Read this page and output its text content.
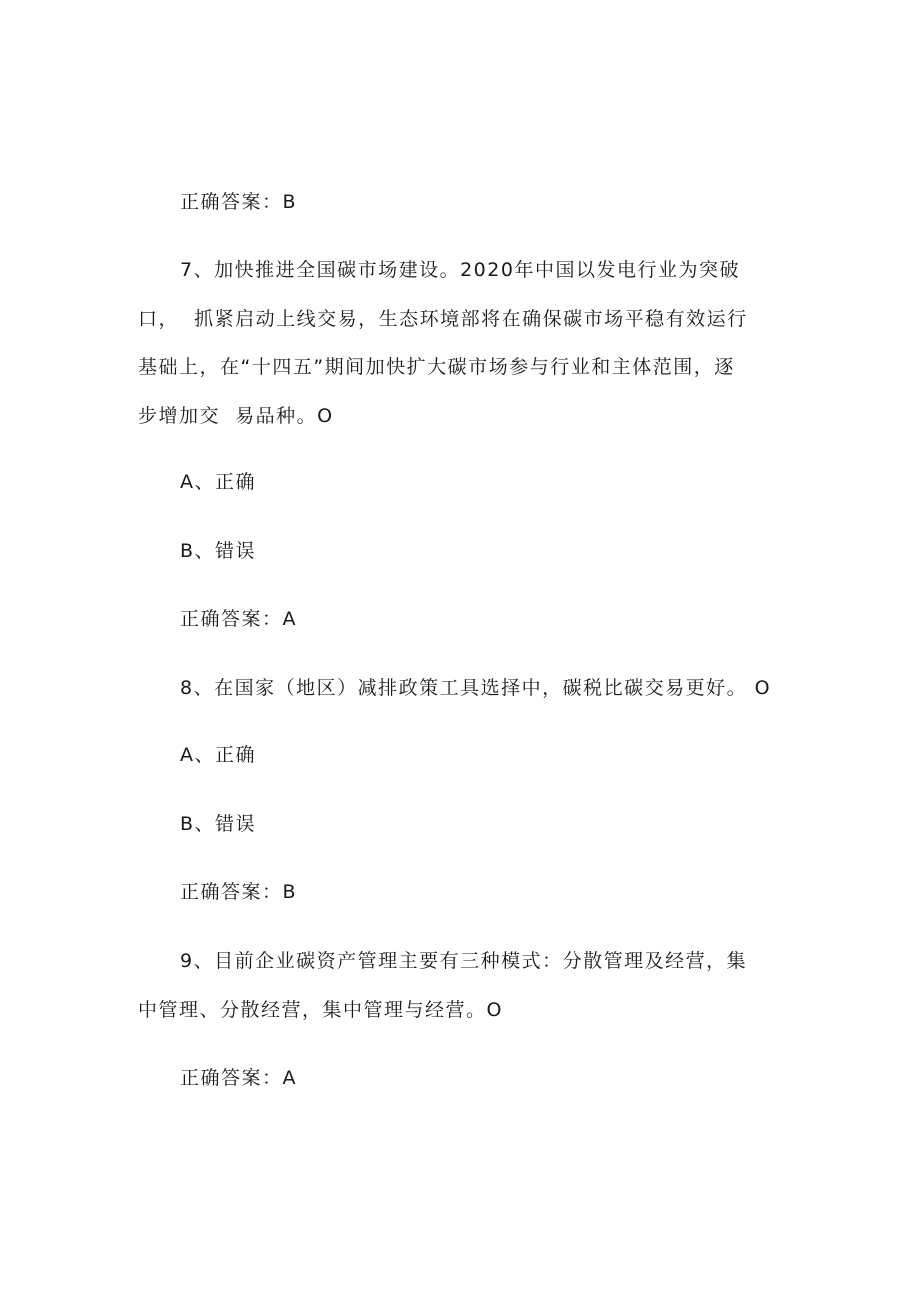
正确答案：B

7、加快推进全国碳市场建设。2020年中国以发电行业为突破

口，  抓紧启动上线交易，生态环境部将在确保碳市场平稳有效运行

基础上，在“十四五”期间加快扩大碳市场参与行业和主体范围，逐

步增加交  易品种。O

A、正确

B、错误

正确答案：A

8、在国家（地区）减排政策工具选择中，碳税比碳交易更好。 O

A、正确

B、错误

正确答案：B

9、目前企业碳资产管理主要有三种模式：分散管理及经营，集

中管理、分散经营，集中管理与经营。O

正确答案：A
